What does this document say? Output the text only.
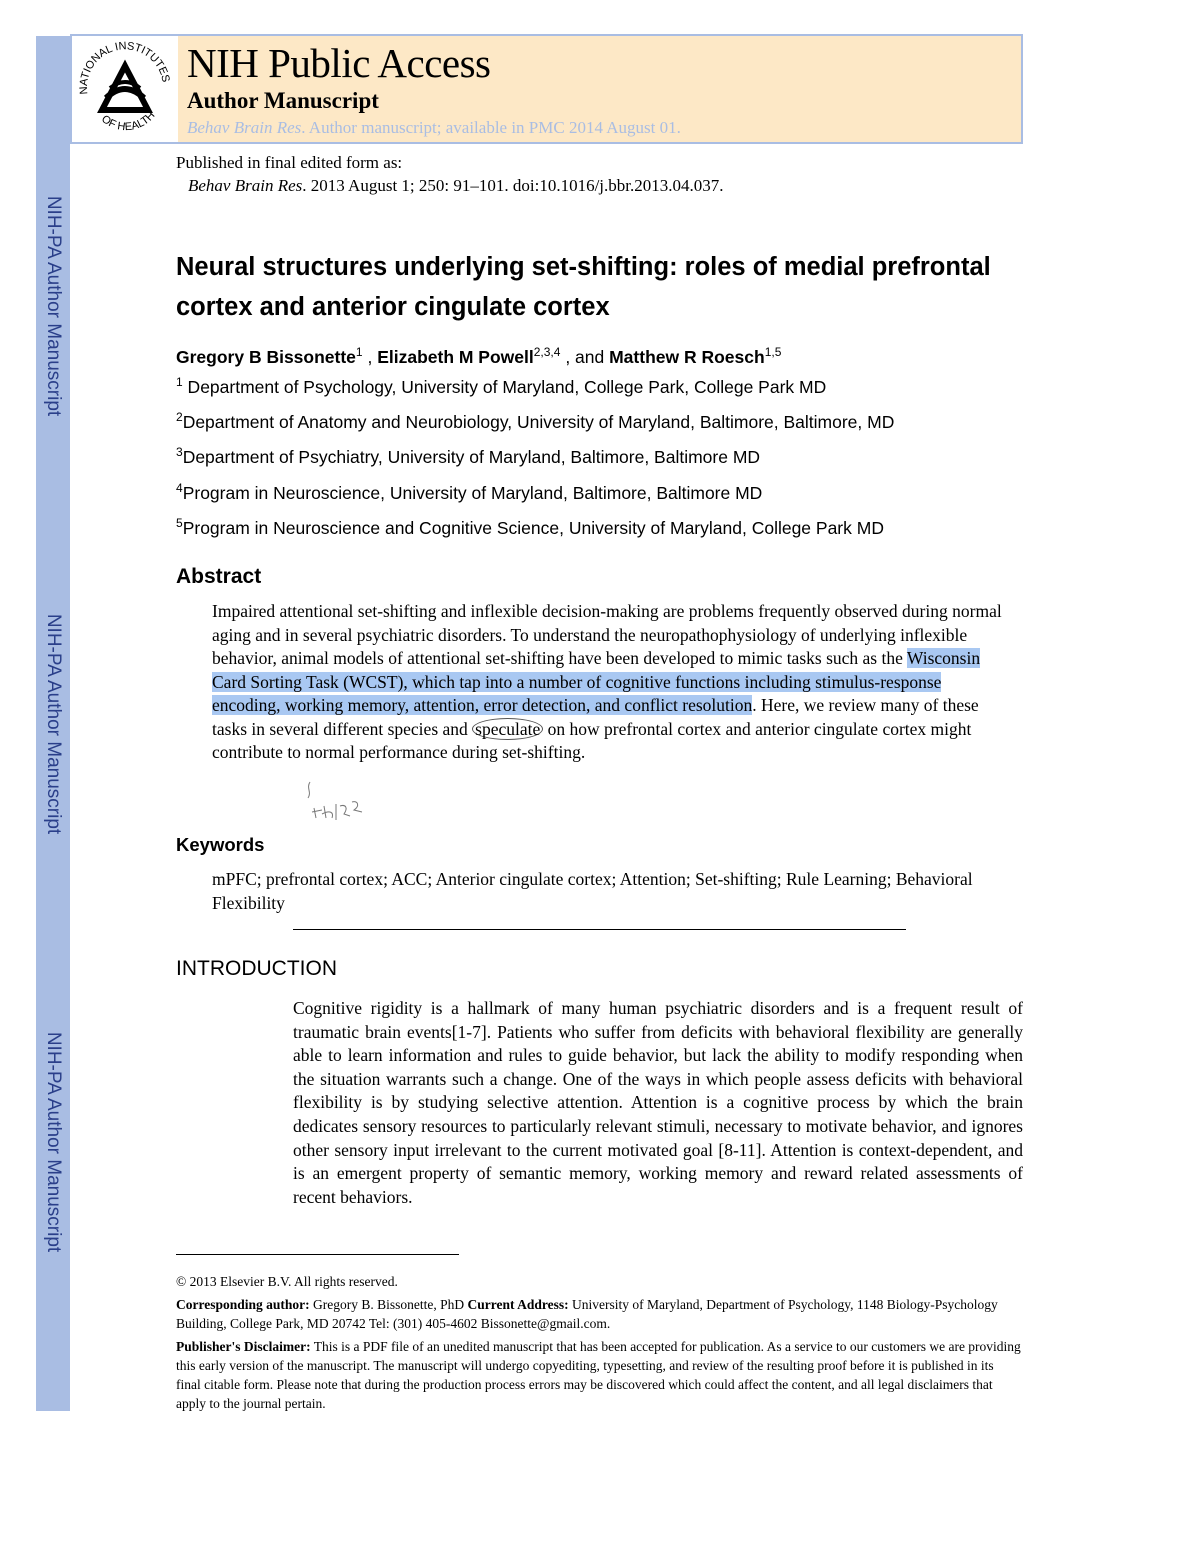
NIH-PA Author Manuscript
NIH-PA Author Manuscript
NIH-PA Author Manuscript
NATIONAL INSTITUTES
OF HEALTH
NIH Public Access
Author Manuscript
Behav Brain Res. Author manuscript; available in PMC 2014 August 01.
Published in final edited form as:
Behav Brain Res. 2013 August 1; 250: 91–101. doi:10.1016/j.bbr.2013.04.037.
Neural structures underlying set-shifting: roles of medial prefrontal cortex and anterior cingulate cortex
Gregory B Bissonette$^1$ , Elizabeth M Powell$^{2,3,4}$ , and Matthew R Roesch$^{1,5}$
$^1$ Department of Psychology, University of Maryland, College Park, College Park MD
$^2$Department of Anatomy and Neurobiology, University of Maryland, Baltimore, Baltimore, MD
$^3$Department of Psychiatry, University of Maryland, Baltimore, Baltimore MD
$^4$Program in Neuroscience, University of Maryland, Baltimore, Baltimore MD
$^5$Program in Neuroscience and Cognitive Science, University of Maryland, College Park MD
Abstract

Impaired attentional set-shifting and inflexible decision-making are problems frequently observed during normal aging and in several psychiatric disorders. To understand the neuropathophysiology of underlying inflexible behavior, animal models of attentional set-shifting have been developed to mimic tasks such as the Wisconsin Card Sorting Task (WCST), which tap into a number of cognitive functions including stimulus-response encoding, working memory, attention, error detection, and conflict resolution. Here, we review many of these tasks in several different species and speculate on how prefrontal cortex and anterior cingulate cortex might contribute to normal performance during set-shifting.

Keywords

mPFC; prefrontal cortex; ACC; Anterior cingulate cortex; Attention; Set-shifting; Rule Learning; Behavioral Flexibility

INTRODUCTION

Cognitive rigidity is a hallmark of many human psychiatric disorders and is a frequent result of traumatic brain events[1-7]. Patients who suffer from deficits with behavioral flexibility are generally able to learn information and rules to guide behavior, but lack the ability to modify responding when the situation warrants such a change. One of the ways in which people assess deficits with behavioral flexibility is by studying selective attention. Attention is a cognitive process by which the brain dedicates sensory resources to particularly relevant stimuli, necessary to motivate behavior, and ignores other sensory input irrelevant to the current motivated goal [8-11]. Attention is context-dependent, and is an emergent property of semantic memory, working memory and reward related assessments of recent behaviors.

© 2013 Elsevier B.V. All rights reserved.

Corresponding author: Gregory B. Bissonette, PhD Current Address: University of Maryland, Department of Psychology, 1148 Biology-Psychology Building, College Park, MD 20742 Tel: (301) 405-4602 Bissonette@gmail.com.

Publisher's Disclaimer: This is a PDF file of an unedited manuscript that has been accepted for publication. As a service to our customers we are providing this early version of the manuscript. The manuscript will undergo copyediting, typesetting, and review of the resulting proof before it is published in its final citable form. Please note that during the production process errors may be discovered which could affect the content, and all legal disclaimers that apply to the journal pertain.
